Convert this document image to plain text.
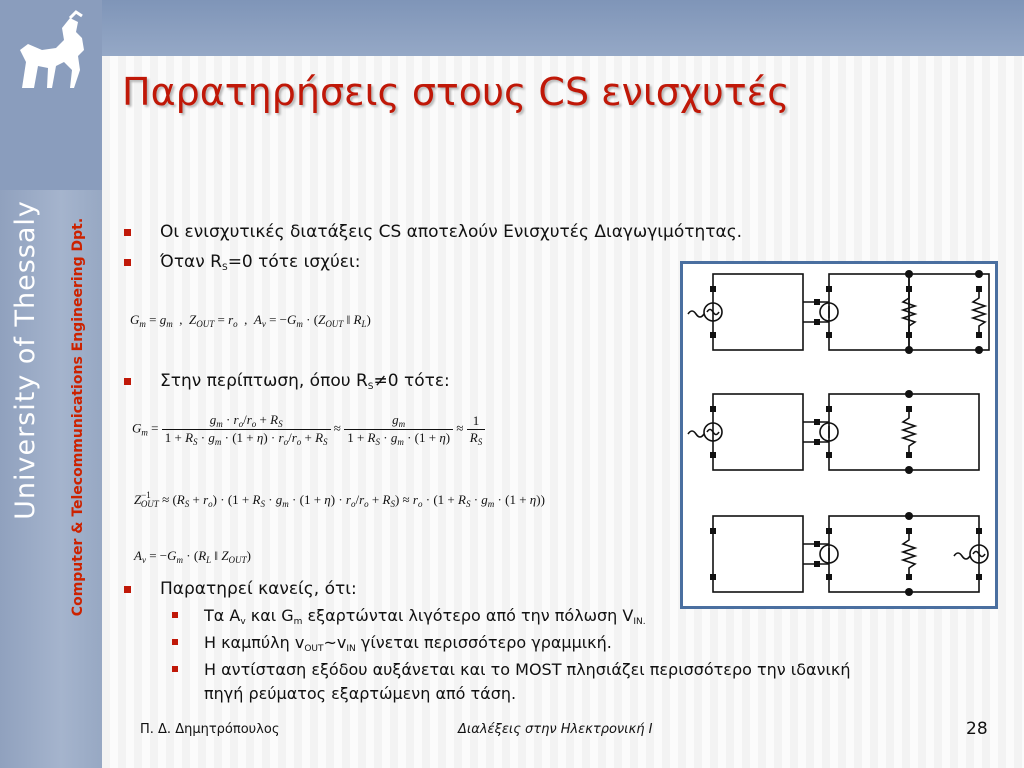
University of Thessaly	Computer & Telecommunications Engineering Dpt.
Παρατηρήσεις στους CS ενισχυτές
Οι ενισχυτικές διατάξεις CS αποτελούν Ενισχυτές Διαγωγιμότητας.
Όταν $R_S=0$ τότε ισχύει:
$G_m = g_m$  ,  $Z_{OUT} = r_o$  ,  $A_v = -G_m \cdot (Z_{OUT}$ ‖ $R_L$)
Στην περίπτωση, όπου $R_S\ne 0$ τότε:
$G_m = \frac{g_m \cdot r_o/r_o + R_S}{1 + R_S \cdot g_m \cdot (1 + \eta) \cdot r_o/r_o + R_S} \approx \frac{g_m}{1 + R_S \cdot g_m \cdot (1 + \eta)} \approx \frac{1}{R_S}$
$Z^{-1}_{OUT} \approx (R_S + r_o) \cdot (1 + R_S \cdot g_m \cdot (1 + \eta) \cdot r_o/r_o + R_S) \approx r_o \cdot (1 + R_S \cdot g_m \cdot (1 + \eta))$
$A_v = -G_m \cdot (R_L$ ‖ $Z_{OUT}$)
Παρατηρεί κανείς, ότι:
Τα $A_v$ και $G_m$ εξαρτώνται λιγότερο από την πόλωση $V_{IN.}$
Η καμπύλη $v_{OUT}\sim v_{IN}$ γίνεται περισσότερο γραμμική.
Η αντίσταση εξόδου αυξάνεται και το MOST πλησιάζει περισσότερο την ιδανική
πηγή ρεύματος εξαρτώμενη από τάση.
Π. Δ. Δημητρόπουλος	Διαλέξεις στην Ηλεκτρονική Ι	28
